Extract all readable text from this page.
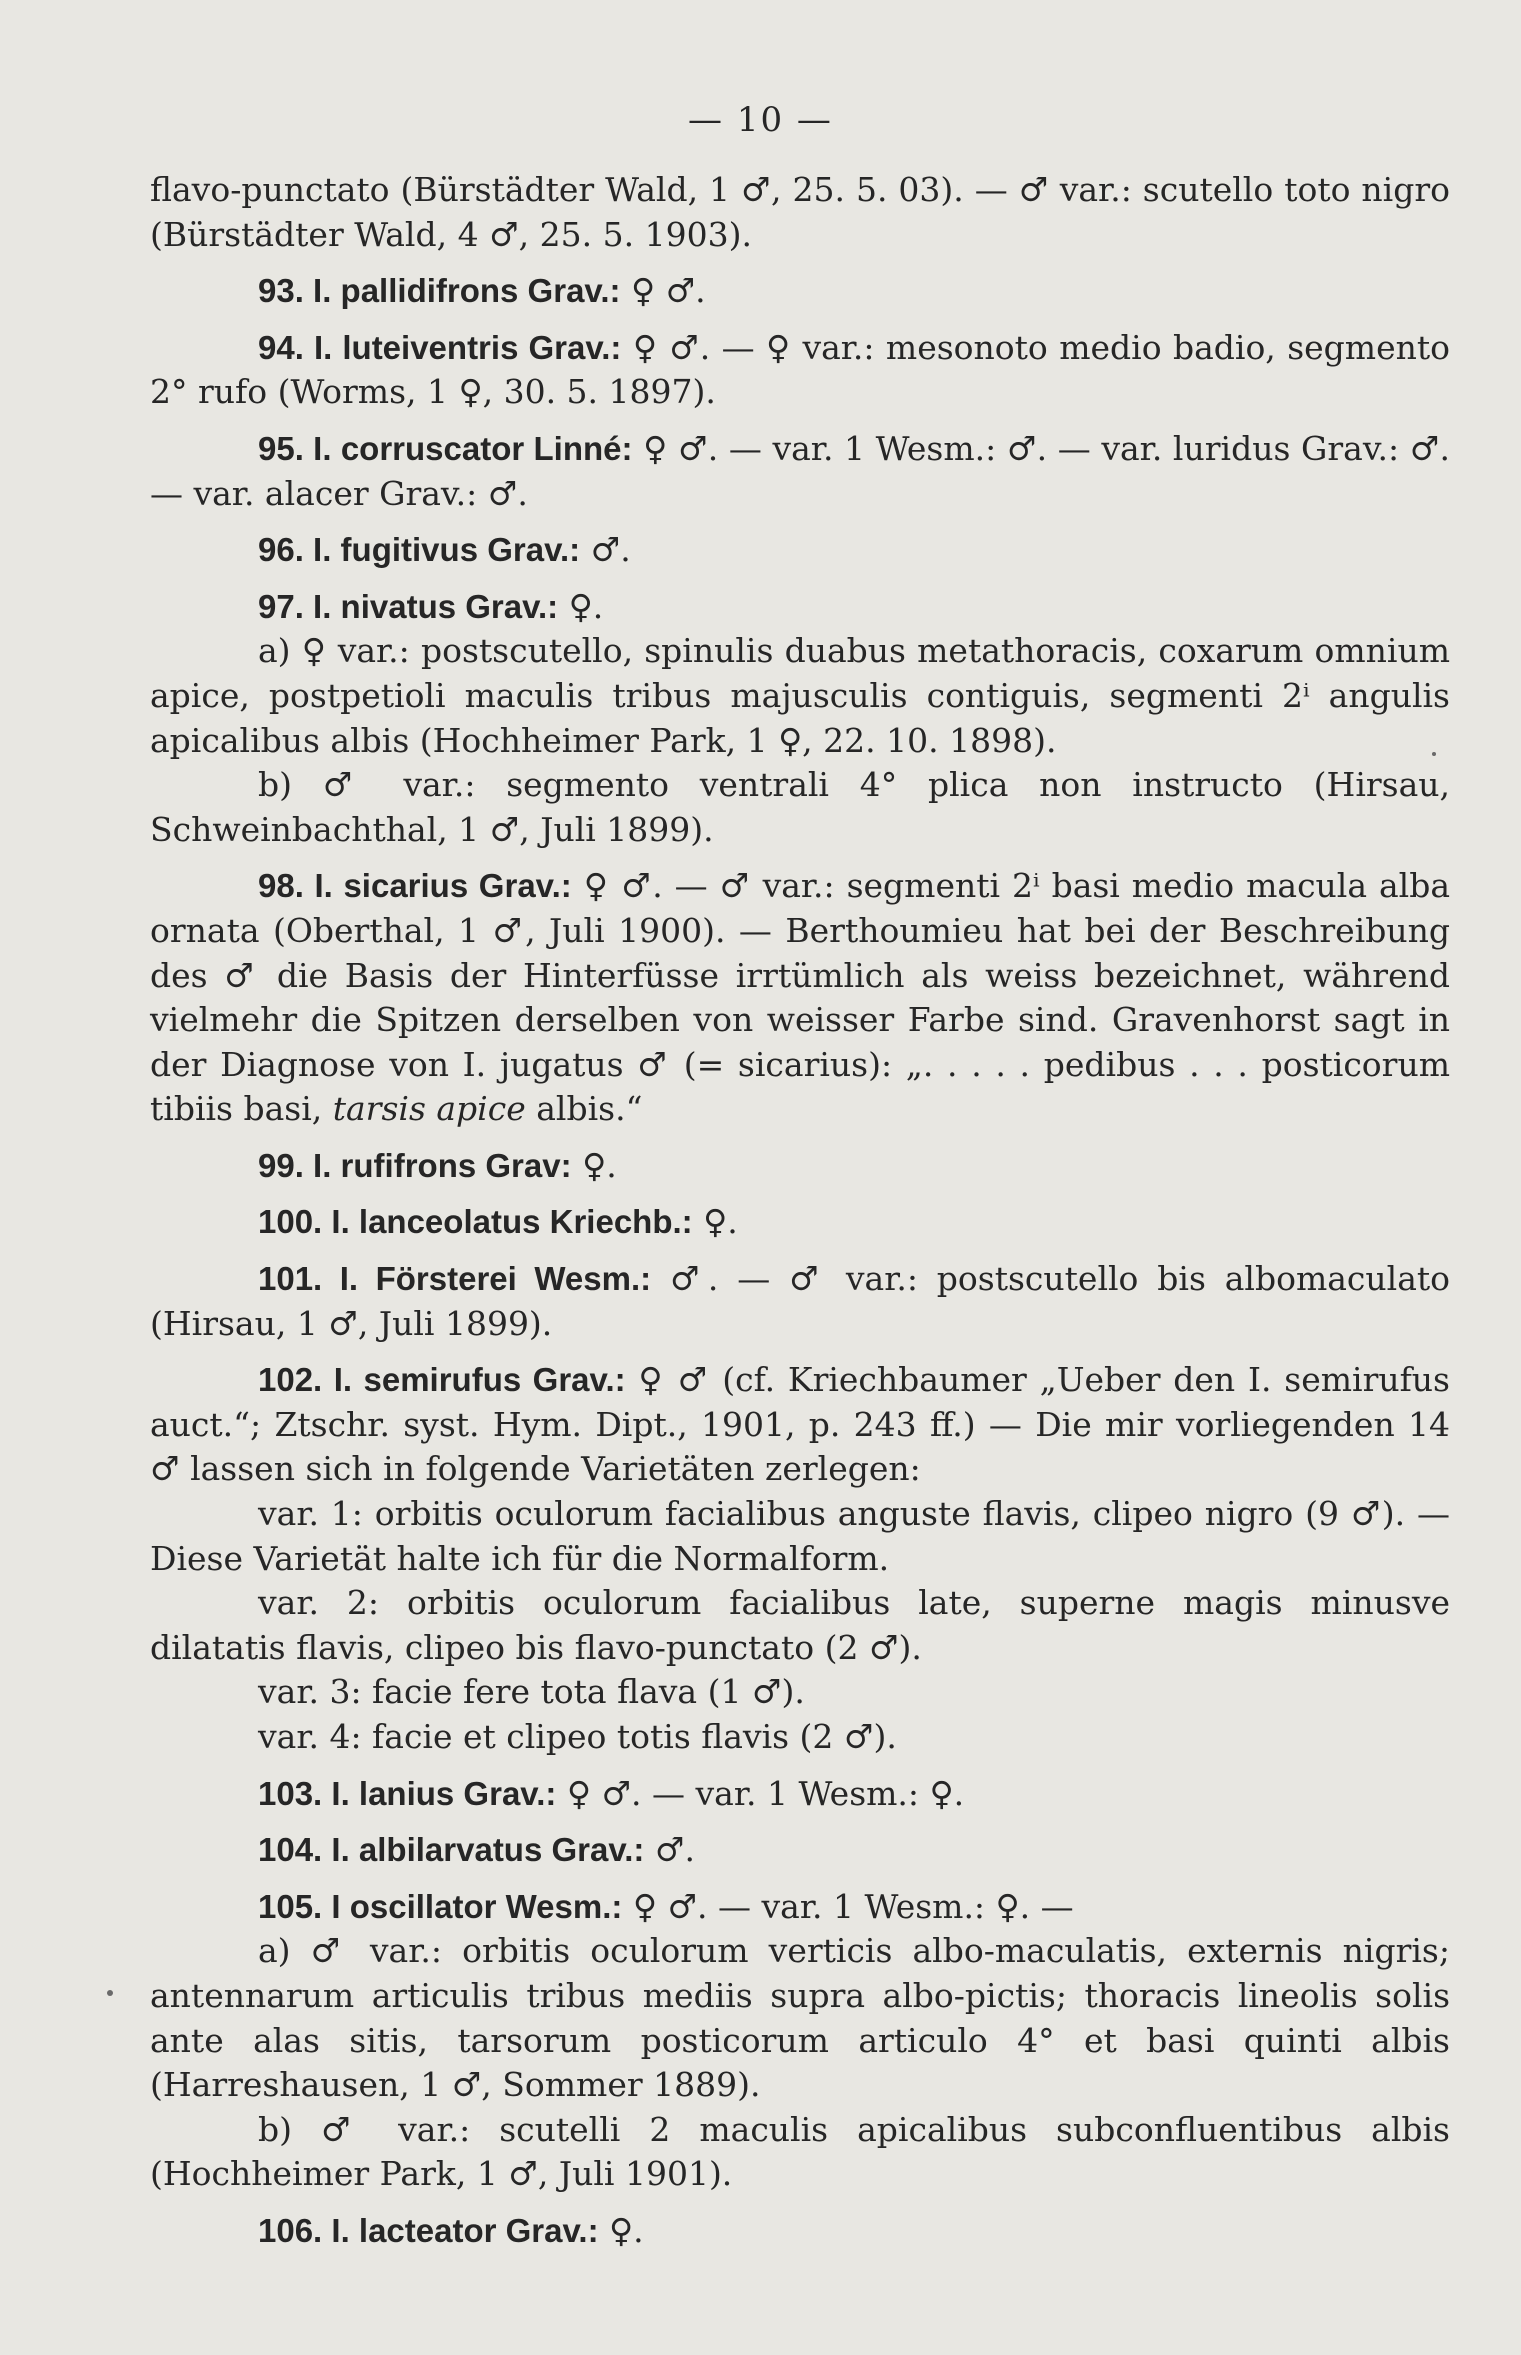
— 10 —

flavo-punctato (Bürstädter Wald, 1 ♂, 25. 5. 03). — ♂ var.: scutello toto nigro (Bürstädter Wald, 4 ♂, 25. 5. 1903).

93. I. pallidifrons Grav.: ♀ ♂.

94. I. luteiventris Grav.: ♀ ♂. — ♀ var.: mesonoto medio badio, segmento 2° rufo (Worms, 1 ♀, 30. 5. 1897).

95. I. corruscator Linné: ♀ ♂. — var. 1 Wesm.: ♂. — var. luridus Grav.: ♂. — var. alacer Grav.: ♂.

96. I. fugitivus Grav.: ♂.

97. I. nivatus Grav.: ♀.

a) ♀ var.: postscutello, spinulis duabus metathoracis, coxarum omnium apice, postpetioli maculis tribus majusculis contiguis, segmenti 2ⁱ angulis apicalibus albis (Hochheimer Park, 1 ♀, 22. 10. 1898).

b) ♂ var.: segmento ventrali 4° plica non instructo (Hirsau, Schweinbachthal, 1 ♂, Juli 1899).

98. I. sicarius Grav.: ♀ ♂. — ♂ var.: segmenti 2ⁱ basi medio macula alba ornata (Oberthal, 1 ♂, Juli 1900). — Berthoumieu hat bei der Beschreibung des ♂ die Basis der Hinterfüsse irrtümlich als weiss bezeichnet, während vielmehr die Spitzen derselben von weisser Farbe sind. Gravenhorst sagt in der Diagnose von I. jugatus ♂ (= sicarius): „. . . . . pedibus . . . posticorum tibiis basi, tarsis apice albis.“

99. I. rufifrons Grav: ♀.

100. I. lanceolatus Kriechb.: ♀.

101. I. Försterei Wesm.: ♂. — ♂ var.: postscutello bis albomaculato (Hirsau, 1 ♂, Juli 1899).

102. I. semirufus Grav.: ♀ ♂ (cf. Kriechbaumer „Ueber den I. semirufus auct.“; Ztschr. syst. Hym. Dipt., 1901, p. 243 ff.) — Die mir vorliegenden 14 ♂ lassen sich in folgende Varietäten zerlegen:

var. 1: orbitis oculorum facialibus anguste flavis, clipeo nigro (9 ♂). — Diese Varietät halte ich für die Normalform.

var. 2: orbitis oculorum facialibus late, superne magis minusve dilatatis flavis, clipeo bis flavo-punctato (2 ♂).

var. 3: facie fere tota flava (1 ♂).

var. 4: facie et clipeo totis flavis (2 ♂).

103. I. lanius Grav.: ♀ ♂. — var. 1 Wesm.: ♀.

104. I. albilarvatus Grav.: ♂.

105. I oscillator Wesm.: ♀ ♂. — var. 1 Wesm.: ♀. —

a) ♂ var.: orbitis oculorum verticis albo-maculatis, externis nigris; antennarum articulis tribus mediis supra albo-pictis; thoracis lineolis solis ante alas sitis, tarsorum posticorum articulo 4° et basi quinti albis (Harreshausen, 1 ♂, Sommer 1889).

b) ♂ var.: scutelli 2 maculis apicalibus subconfluentibus albis (Hochheimer Park, 1 ♂, Juli 1901).

106. I. lacteator Grav.: ♀.
